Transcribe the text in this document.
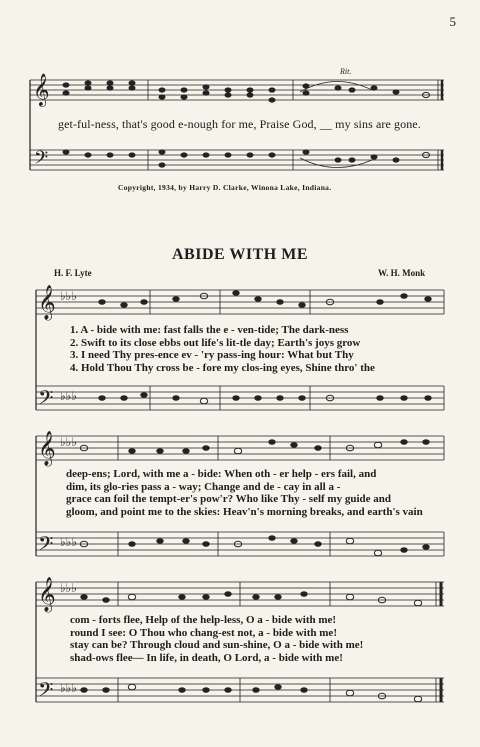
5
𝄞
𝄢
Rit.
get-ful-ness, that's good e-nough for me, Praise God, __ my sins are gone.
Copyright, 1934, by Harry D. Clarke, Winona Lake, Indiana.
ABIDE WITH ME
H. F. Lyte	W. H. Monk
𝄞
𝄢
𝄞
𝄢
𝄞
𝄢
♭♭♭
♭♭♭
♭♭♭
♭♭♭
♭♭♭
♭♭♭
1. A - bide with me: fast falls the e - ven-tide; The dark-ness
2. Swift to its close ebbs out life's lit-tle day; Earth's joys grow
3. I need Thy pres-ence ev - 'ry pass-ing hour: What but Thy
4. Hold Thou Thy cross be - fore my clos-ing eyes, Shine thro' the
deep-ens; Lord, with me a - bide: When oth - er help - ers fail, and
dim, its glo-ries pass a - way; Change and de - cay in all a -
grace can foil the tempt-er's pow'r? Who like Thy - self my guide and
gloom, and point me to the skies: Heav'n's morning breaks, and earth's vain
com - forts flee, Help of the help-less, O a - bide with me!
round I see: O Thou who chang-est not, a - bide with me!
stay can be? Through cloud and sun-shine, O a - bide with me!
shad-ows flee— In life, in death, O Lord, a - bide with me!
